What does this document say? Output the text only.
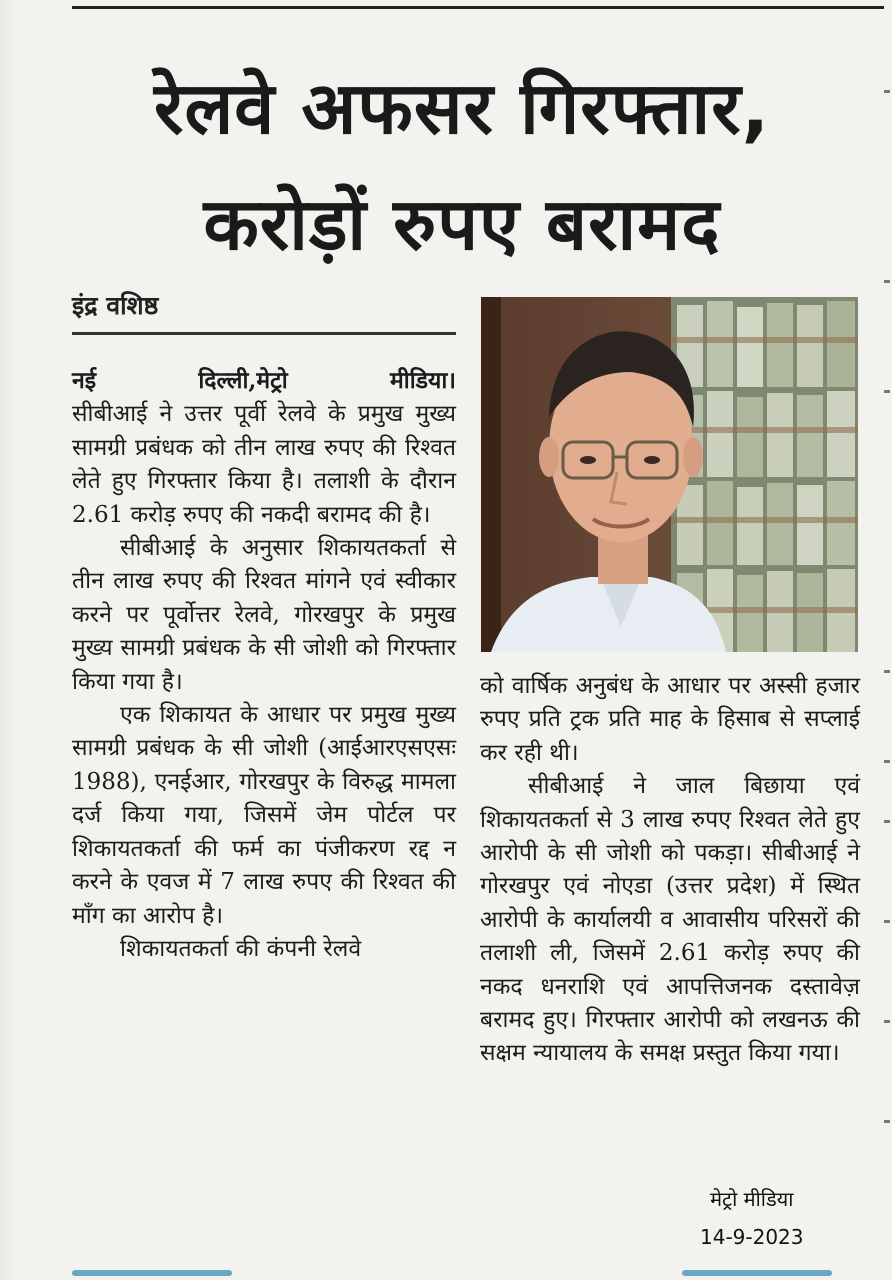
रेलवे अफसर गिरफ्तार,
करोड़ों रुपए बरामद
इंद्र वशिष्ठ

नई दिल्ली,मेट्रो मीडिया।

सीबीआई ने उत्तर पूर्वी रेलवे के प्रमुख मुख्य सामग्री प्रबंधक को तीन लाख रुपए की रिश्वत लेते हुए गिरफ्तार किया है। तलाशी के दौरान 2.61 करोड़ रुपए की नकदी बरामद की है।

सीबीआई के अनुसार शिकायतकर्ता से तीन लाख रुपए की रिश्वत मांगने एवं स्वीकार करने पर पूर्वोत्तर रेलवे, गोरखपुर के प्रमुख मुख्य सामग्री प्रबंधक के सी जोशी को गिरफ्तार किया गया है।

एक शिकायत के आधार पर प्रमुख मुख्य सामग्री प्रबंधक के सी जोशी (आईआरएसएसः 1988), एनईआर, गोरखपुर के विरुद्ध मामला दर्ज किया गया, जिसमें जेम पोर्टल पर शिकायतकर्ता की फर्म का पंजीकरण रद्द न करने के एवज में 7 लाख रुपए की रिश्वत की माँग का आरोप है।

शिकायतकर्ता की कंपनी रेलवे

को वार्षिक अनुबंध के आधार पर अस्सी हजार रुपए प्रति ट्रक प्रति माह के हिसाब से सप्लाई कर रही थी।

सीबीआई ने जाल बिछाया एवं शिकायतकर्ता से 3 लाख रुपए रिश्वत लेते हुए आरोपी के सी जोशी को पकड़ा। सीबीआई ने गोरखपुर एवं नोएडा (उत्तर प्रदेश) में स्थित आरोपी के कार्यालयी व आवासीय परिसरों की तलाशी ली, जिसमें 2.61 करोड़ रुपए की नकद धनराशि एवं आपत्तिजनक दस्तावेज़ बरामद हुए। गिरफ्तार आरोपी को लखनऊ की सक्षम न्यायालय के समक्ष प्रस्तुत किया गया।

मेट्रो मीडिया
14-9-2023
